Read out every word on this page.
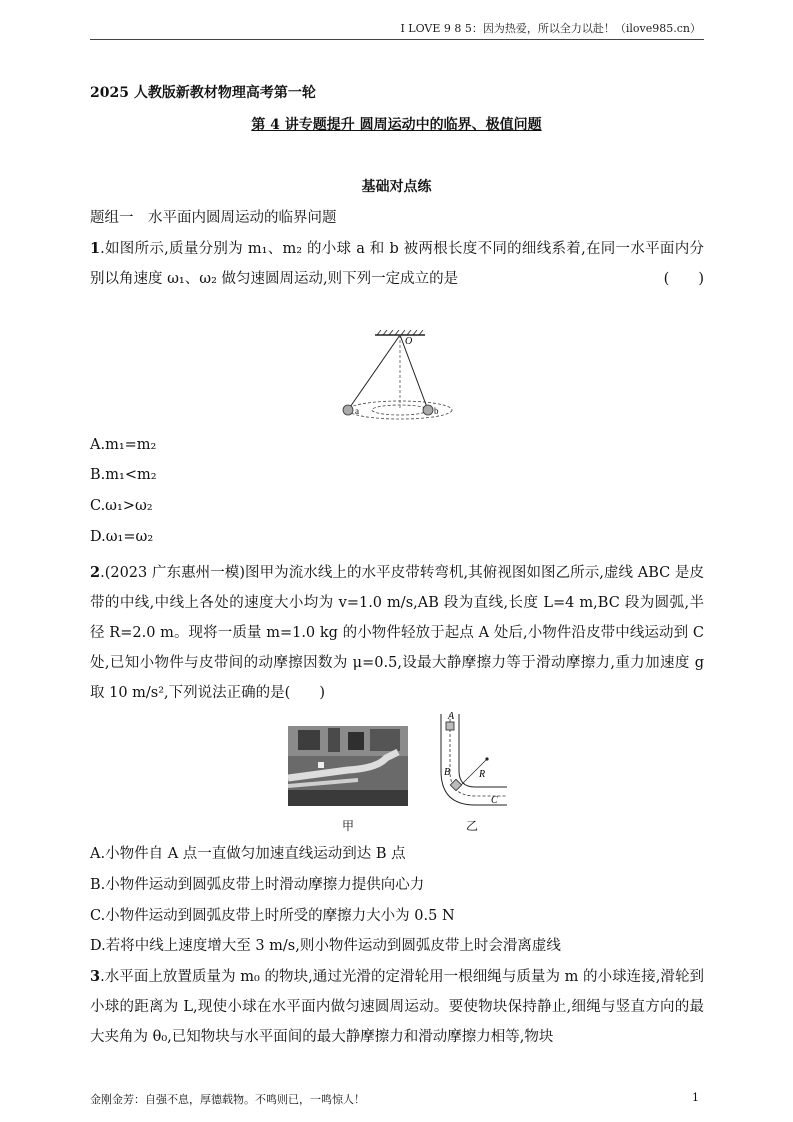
I LOVE 9 8 5：因为热爱，所以全力以赴！（ilove985.cn）
2025 人教版新教材物理高考第一轮
第 4 讲专题提升 圆周运动中的临界、极值问题
基础对点练
题组一　水平面内圆周运动的临界问题
1.如图所示,质量分别为 m₁、m₂ 的小球 a 和 b 被两根长度不同的细线系着,在同一水平面内分别以角速度 ω₁、ω₂ 做匀速圆周运动,则下列一定成立的是	(　　)
O
a	b
A.m₁=m₂
B.m₁<m₂
C.ω₁>ω₂
D.ω₁=ω₂
2.(2023 广东惠州一模)图甲为流水线上的水平皮带转弯机,其俯视图如图乙所示,虚线 ABC 是皮带的中线,中线上各处的速度大小均为 v=1.0 m/s,AB 段为直线,长度 L=4 m,BC 段为圆弧,半径 R=2.0 m。现将一质量 m=1.0 kg 的小物件轻放于起点 A 处后,小物件沿皮带中线运动到 C 处,已知小物件与皮带间的动摩擦因数为 μ=0.5,设最大静摩擦力等于滑动摩擦力,重力加速度 g 取 10 m/s²,下列说法正确的是(　　)
A
B	R
C
甲	乙
A.小物件自 A 点一直做匀加速直线运动到达 B 点
B.小物件运动到圆弧皮带上时滑动摩擦力提供向心力
C.小物件运动到圆弧皮带上时所受的摩擦力大小为 0.5 N
D.若将中线上速度增大至 3 m/s,则小物件运动到圆弧皮带上时会滑离虚线
3.水平面上放置质量为 m₀ 的物块,通过光滑的定滑轮用一根细绳与质量为 m 的小球连接,滑轮到小球的距离为 L,现使小球在水平面内做匀速圆周运动。要使物块保持静止,细绳与竖直方向的最大夹角为 θ₀,已知物块与水平面间的最大静摩擦力和滑动摩擦力相等,物块
金刚金芳：自强不息，厚德载物。不鸣则已，一鸣惊人！	1
